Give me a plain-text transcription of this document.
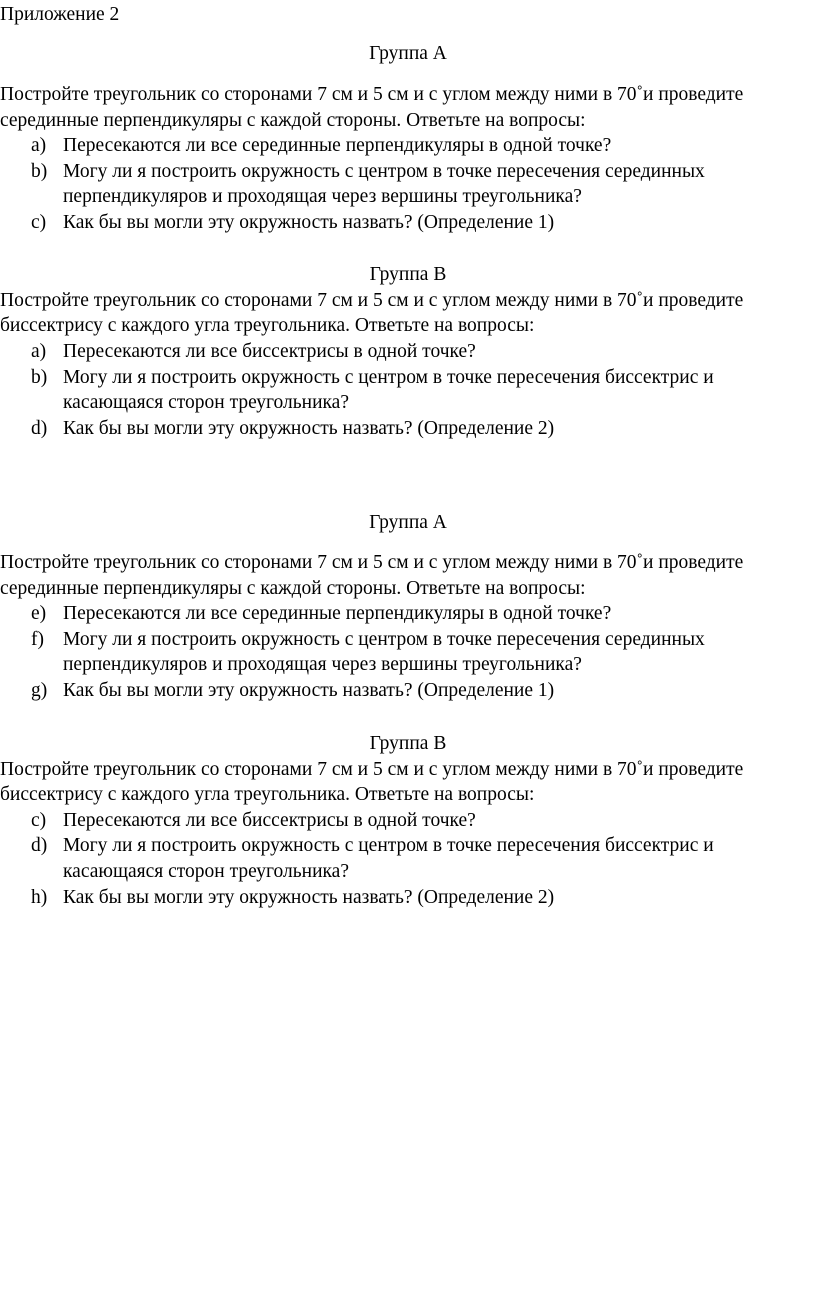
Приложение 2
Группа А
Постройте треугольник со сторонами 7 см и 5 см и с углом между ними в 70˚и проведите
серединные перпендикуляры с каждой стороны. Ответьте на вопросы:
a) Пересекаются ли все серединные перпендикуляры в одной точке?
b) Могу ли я построить окружность с центром в точке пересечения серединных
перпендикуляров и проходящая через вершины треугольника?
c) Как бы вы могли эту окружность назвать? (Определение 1)
Группа В
Постройте треугольник со сторонами 7 см и 5 см и с углом между ними в 70˚и проведите
биссектрису с каждого угла треугольника. Ответьте на вопросы:
a) Пересекаются ли все биссектрисы в одной точке?
b) Могу ли я построить окружность с центром в точке пересечения биссектрис и
касающаяся сторон треугольника?
d) Как бы вы могли эту окружность назвать? (Определение 2)
Группа А
Постройте треугольник со сторонами 7 см и 5 см и с углом между ними в 70˚и проведите
серединные перпендикуляры с каждой стороны. Ответьте на вопросы:
e) Пересекаются ли все серединные перпендикуляры в одной точке?
f) Могу ли я построить окружность с центром в точке пересечения серединных
перпендикуляров и проходящая через вершины треугольника?
g) Как бы вы могли эту окружность назвать? (Определение 1)
Группа В
Постройте треугольник со сторонами 7 см и 5 см и с углом между ними в 70˚и проведите
биссектрису с каждого угла треугольника. Ответьте на вопросы:
c) Пересекаются ли все биссектрисы в одной точке?
d) Могу ли я построить окружность с центром в точке пересечения биссектрис и
касающаяся сторон треугольника?
h) Как бы вы могли эту окружность назвать? (Определение 2)
